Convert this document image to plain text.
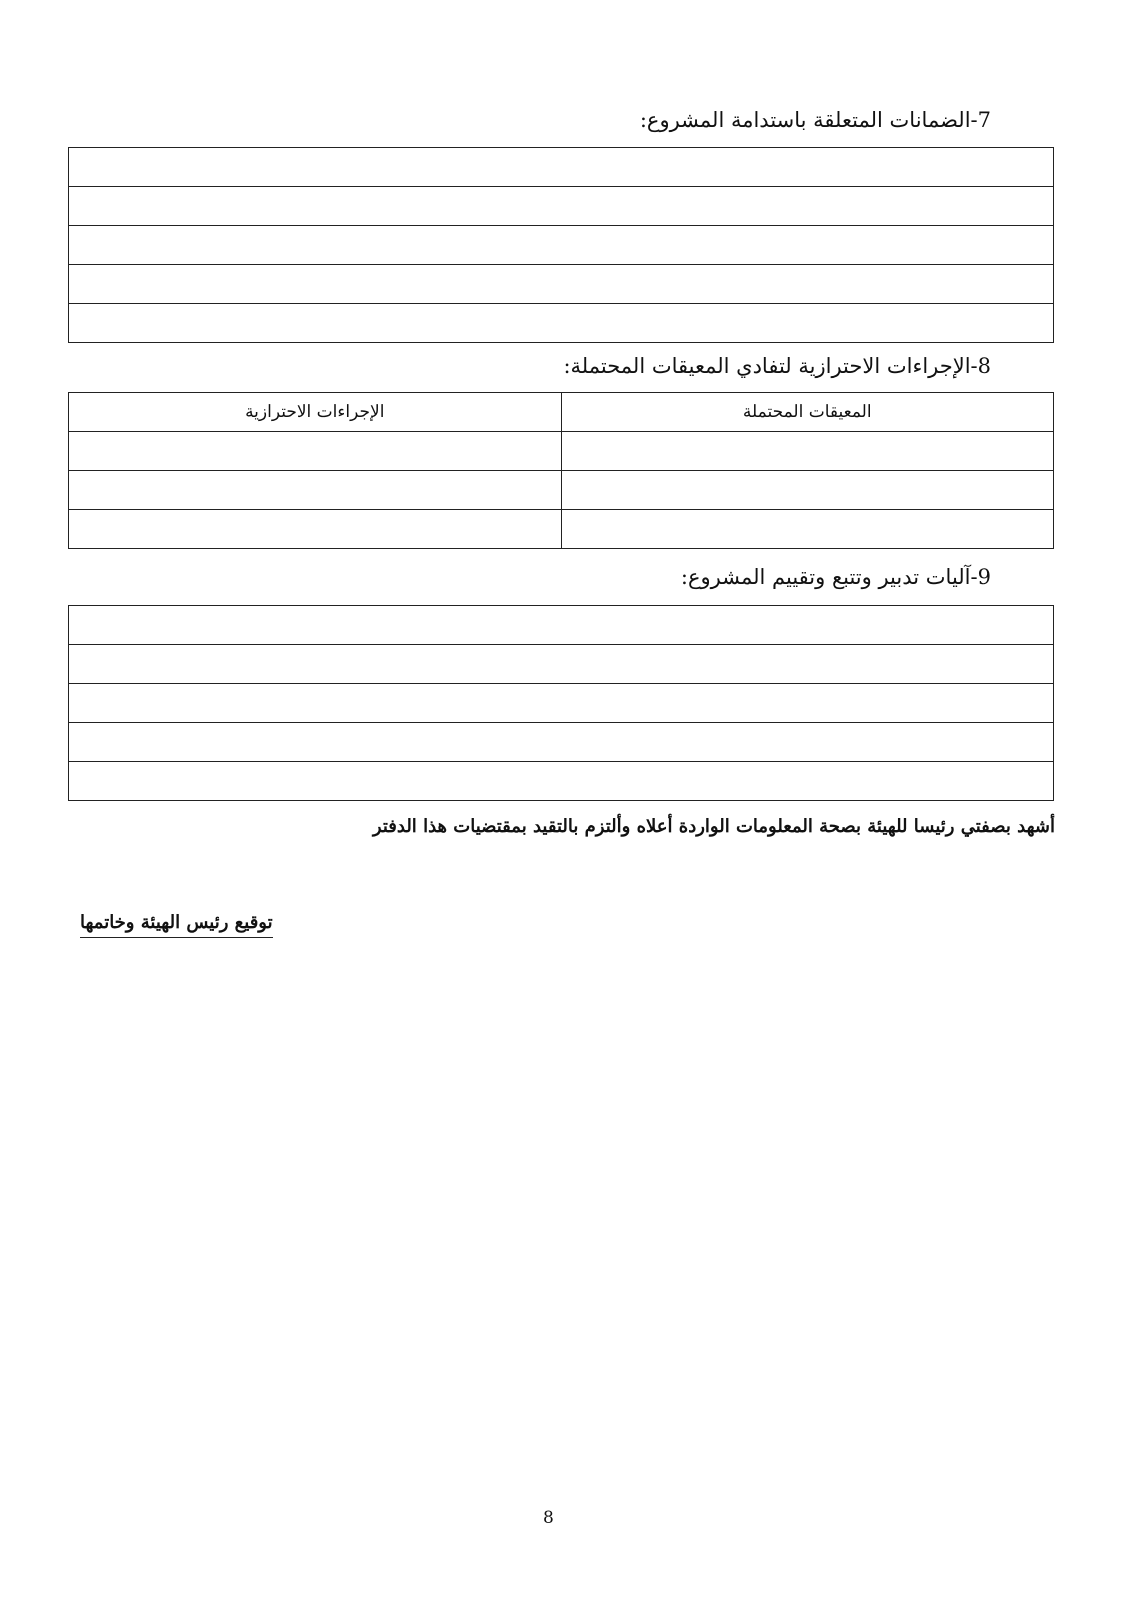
7-الضمانات المتعلقة باستدامة المشروع:

8-الإجراءات الاحترازية لتفادي المعيقات المحتملة:
المعيقات المحتملة	الإجراءات الاحترازية

9-آليات تدبير وتتبع وتقييم المشروع:

أشهد بصفتي رئيسا للهيئة بصحة المعلومات الواردة أعلاه وألتزم بالتقيد بمقتضيات هذا الدفتر
توقيع رئيس الهيئة وخاتمها
8
